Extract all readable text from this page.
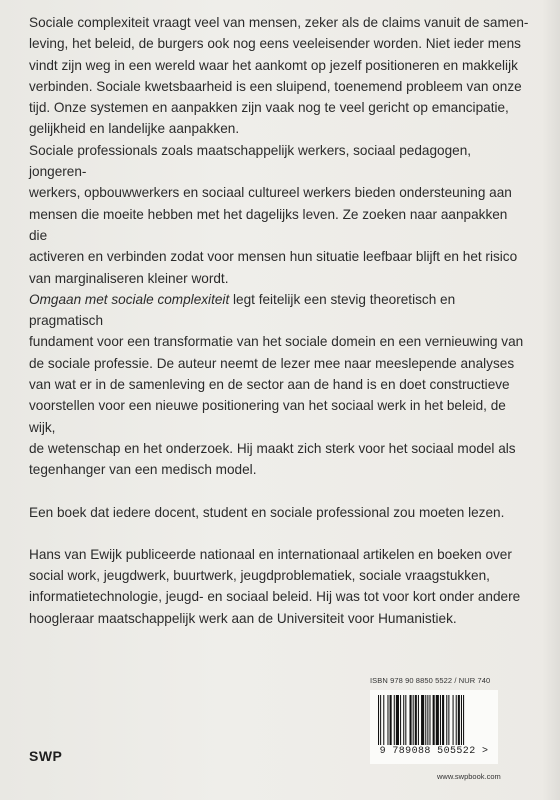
Sociale complexiteit vraagt veel van mensen, zeker als de claims vanuit de samen-
leving, het beleid, de burgers ook nog eens veeleisender worden. Niet ieder mens
vindt zijn weg in een wereld waar het aankomt op jezelf positioneren en makkelijk
verbinden. Sociale kwetsbaarheid is een sluipend, toenemend probleem van onze
tijd. Onze systemen en aanpakken zijn vaak nog te veel gericht op emancipatie,
gelijkheid en landelijke aanpakken.

Sociale professionals zoals maatschappelijk werkers, sociaal pedagogen, jongeren-
werkers, opbouwwerkers en sociaal cultureel werkers bieden ondersteuning aan
mensen die moeite hebben met het dagelijks leven. Ze zoeken naar aanpakken die
activeren en verbinden zodat voor mensen hun situatie leefbaar blijft en het risico
van marginaliseren kleiner wordt.

Omgaan met sociale complexiteit legt feitelijk een stevig theoretisch en pragmatisch
fundament voor een transformatie van het sociale domein en een vernieuwing van
de sociale professie. De auteur neemt de lezer mee naar meeslepende analyses
van wat er in de samenleving en de sector aan de hand is en doet constructieve
voorstellen voor een nieuwe positionering van het sociaal werk in het beleid, de wijk,
de wetenschap en het onderzoek. Hij maakt zich sterk voor het sociaal model als
tegenhanger van een medisch model.

Een boek dat iedere docent, student en sociale professional zou moeten lezen.

Hans van Ewijk publiceerde nationaal en internationaal artikelen en boeken over
social work, jeugdwerk, buurtwerk, jeugdproblematiek, sociale vraagstukken,
informatietechnologie, jeugd- en sociaal beleid. Hij was tot voor kort onder andere
hoogleraar maatschappelijk werk aan de Universiteit voor Humanistiek.

ISBN 978 90 8850 5522 / NUR 740
9 789088 505522 >
SWP
www.swpbook.com
